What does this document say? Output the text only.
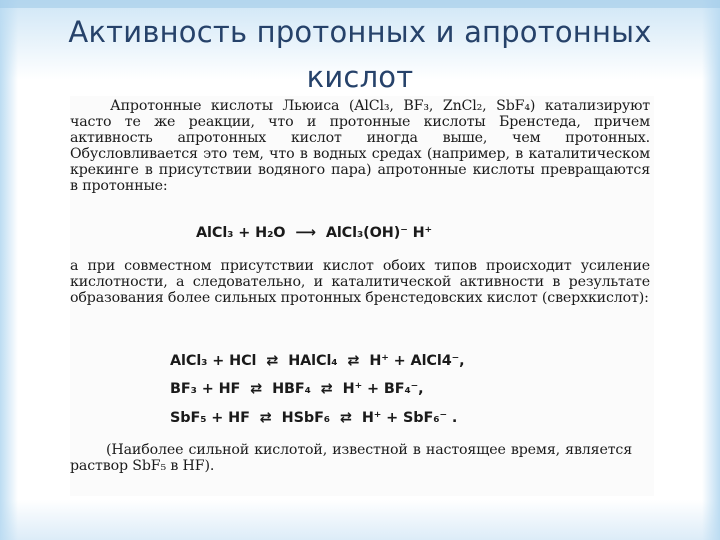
Активность протонных и апротонных
кислот

Апротонные кислоты Льюиса (AlCl₃, BF₃, ZnCl₂, SbF₄) катализируют часто те же реакции, что и протонные кислоты Бренстеда, причем активность апротонных кислот иногда выше, чем протонных. Обусловливается это тем, что в водных средах (например, в каталитическом крекинге в присутствии водяного пара) апротонные кислоты превращаются в протонные:

AlCl₃ + H₂O ⟶ AlCl₃(OH)⁻ H⁺

а при совместном присутствии кислот обоих типов происходит усиление кислотности, а следовательно, и каталитической активности в результате образования более сильных протонных бренстедовских кислот (сверхкислот):

AlCl₃ + HCl ⇄ HAlCl₄ ⇄ H⁺ + AlCl4⁻,
BF₃ + HF ⇄ HBF₄ ⇄ H⁺ + BF₄⁻,
SbF₅ + HF ⇄ HSbF₆ ⇄ H⁺ + SbF₆⁻ .

(Наиболее сильной кислотой, известной в настоящее время, является раствор SbF₅ в HF).
